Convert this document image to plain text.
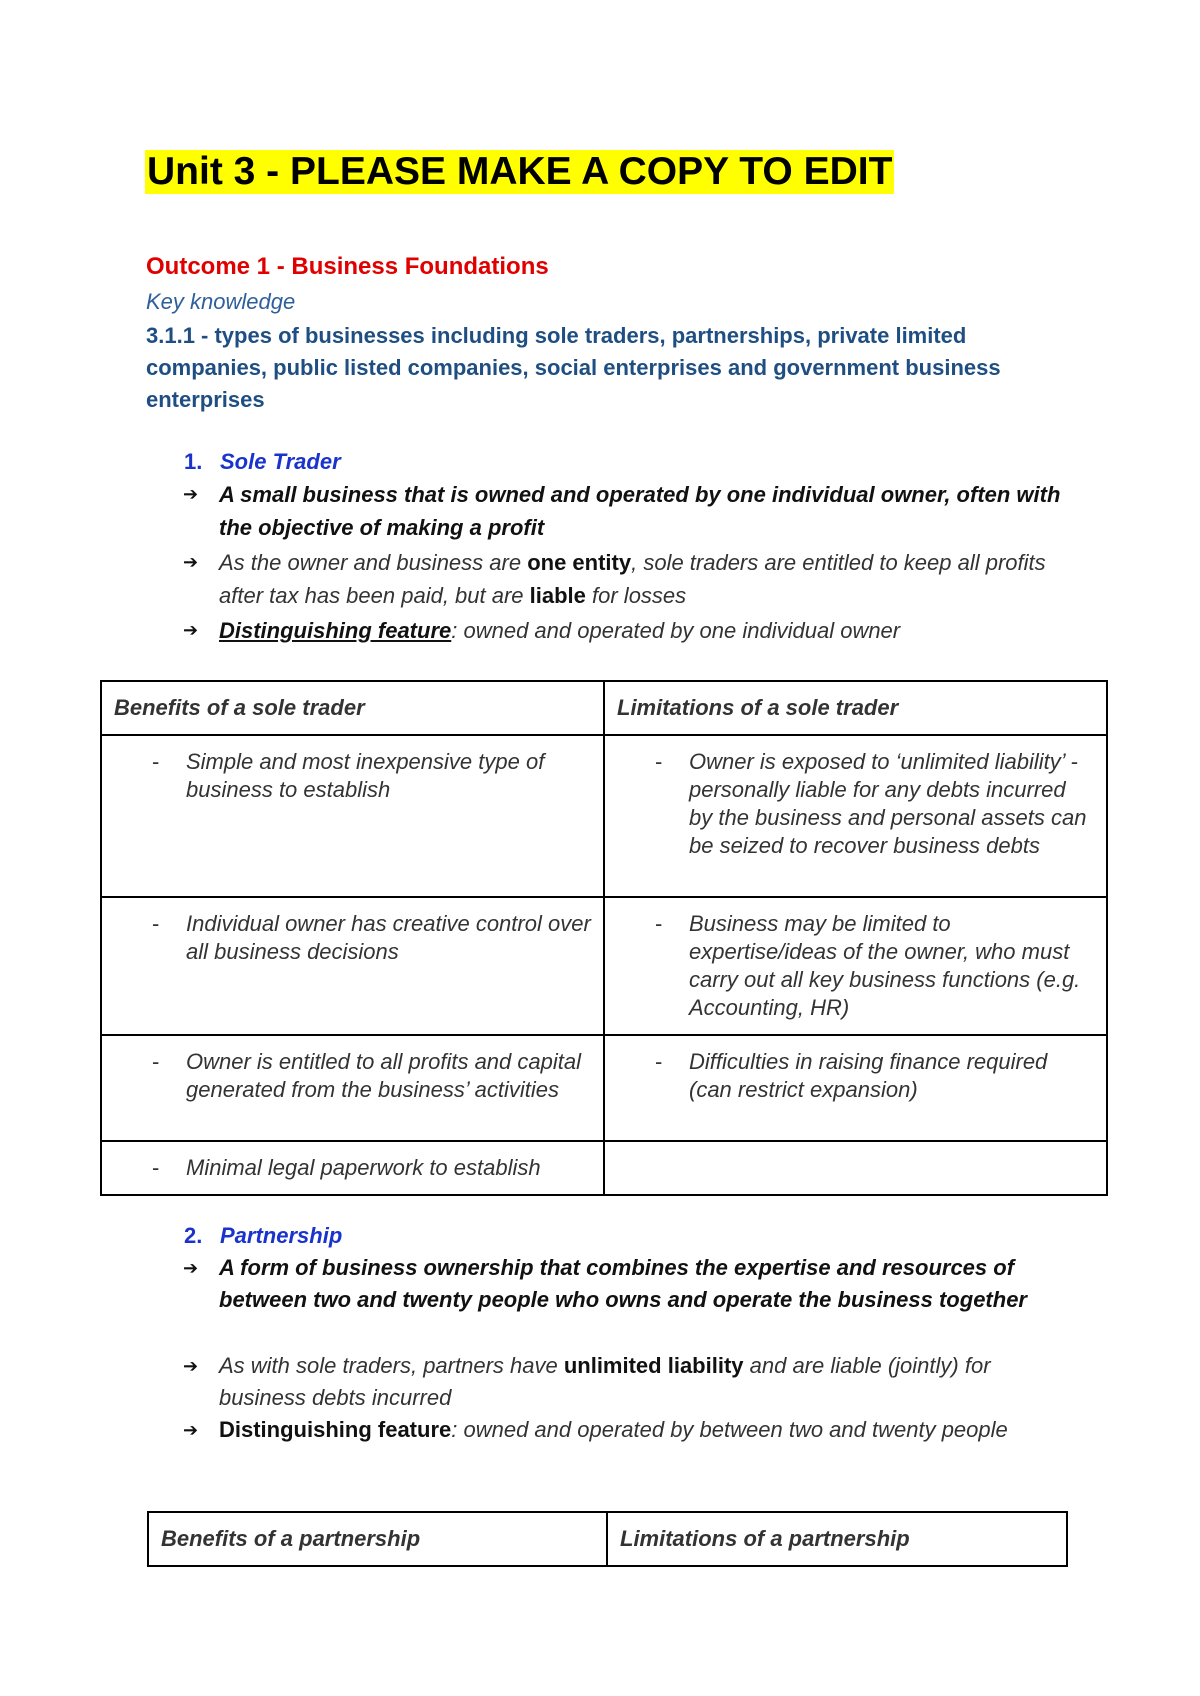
Unit 3 - PLEASE MAKE A COPY TO EDIT
Outcome 1 - Business Foundations
Key knowledge
3.1.1 - types of businesses including sole traders, partnerships, private limited companies, public listed companies, social enterprises and government business enterprises
1. Sole Trader
➔ A small business that is owned and operated by one individual owner, often with the objective of making a profit
➔ As the owner and business are one entity, sole traders are entitled to keep all profits after tax has been paid, but are liable for losses
➔ Distinguishing feature: owned and operated by one individual owner
Benefits of a sole trader	Limitations of a sole trader

- Simple and most inexpensive type of business to establish	- Owner is exposed to ‘unlimited liability’ - personally liable for any debts incurred by the business and personal assets can be seized to recover business debts

- Individual owner has creative control over all business decisions	- Business may be limited to expertise/ideas of the owner, who must carry out all key business functions (e.g. Accounting, HR)

- Owner is entitled to all profits and capital generated from the business’ activities	- Difficulties in raising finance required (can restrict expansion)

- Minimal legal paperwork to establish	

2. Partnership
➔ A form of business ownership that combines the expertise and resources of between two and twenty people who owns and operate the business together
➔ As with sole traders, partners have unlimited liability and are liable (jointly) for business debts incurred
➔ Distinguishing feature: owned and operated by between two and twenty people
Benefits of a partnership	Limitations of a partnership
